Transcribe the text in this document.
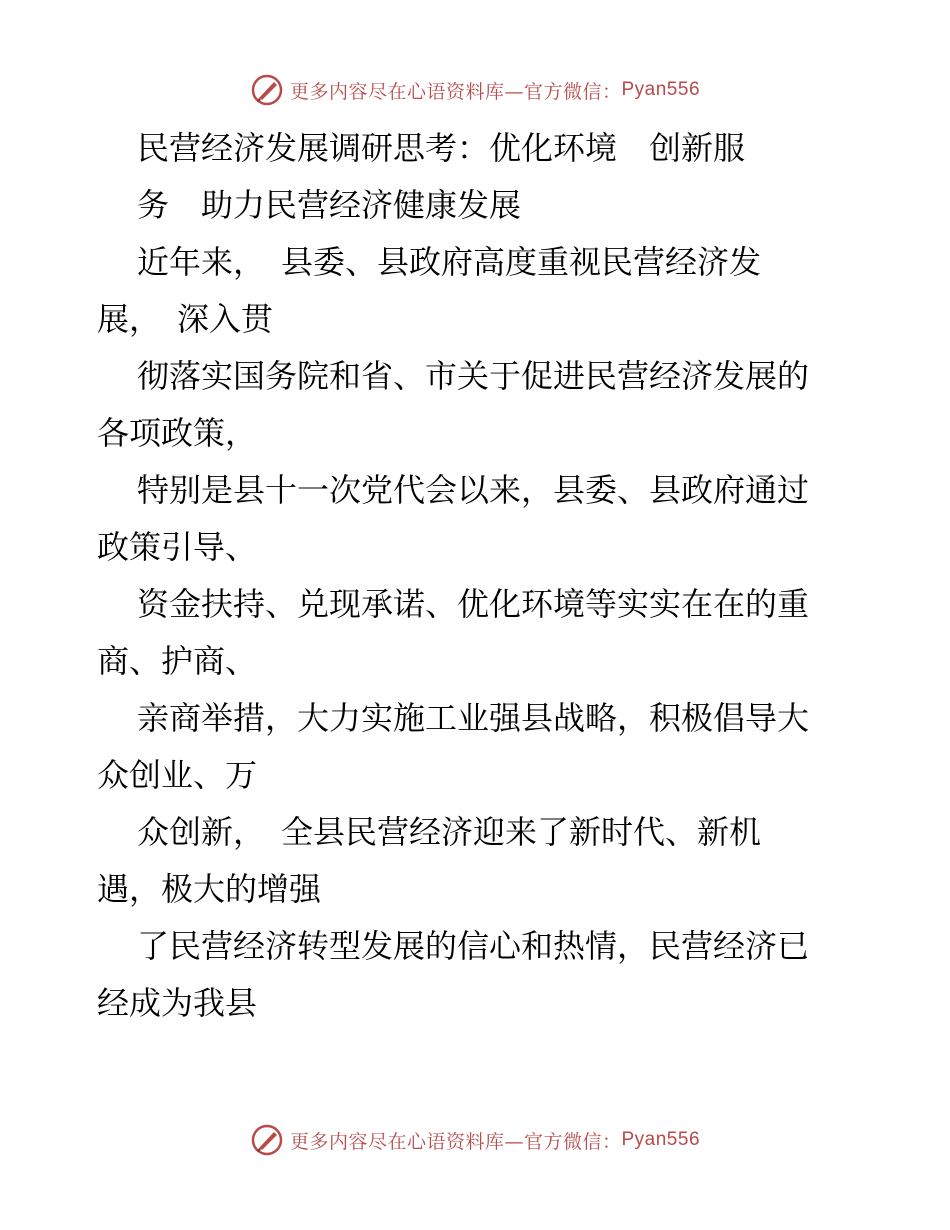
更多内容尽在心语资料库—官方微信： Pyan556
民营经济发展调研思考：优化环境　创新服
务　助力民营经济健康发展
近年来，　县委、县政府高度重视民营经济发
展，　深入贯
彻落实国务院和省、市关于促进民营经济发展的
各项政策，
特别是县十一次党代会以来，县委、县政府通过
政策引导、
资金扶持、兑现承诺、优化环境等实实在在的重
商、护商、
亲商举措，大力实施工业强县战略，积极倡导大
众创业、万
众创新，　全县民营经济迎来了新时代、新机
遇，极大的增强
了民营经济转型发展的信心和热情，民营经济已
经成为我县
更多内容尽在心语资料库—官方微信： Pyan556
